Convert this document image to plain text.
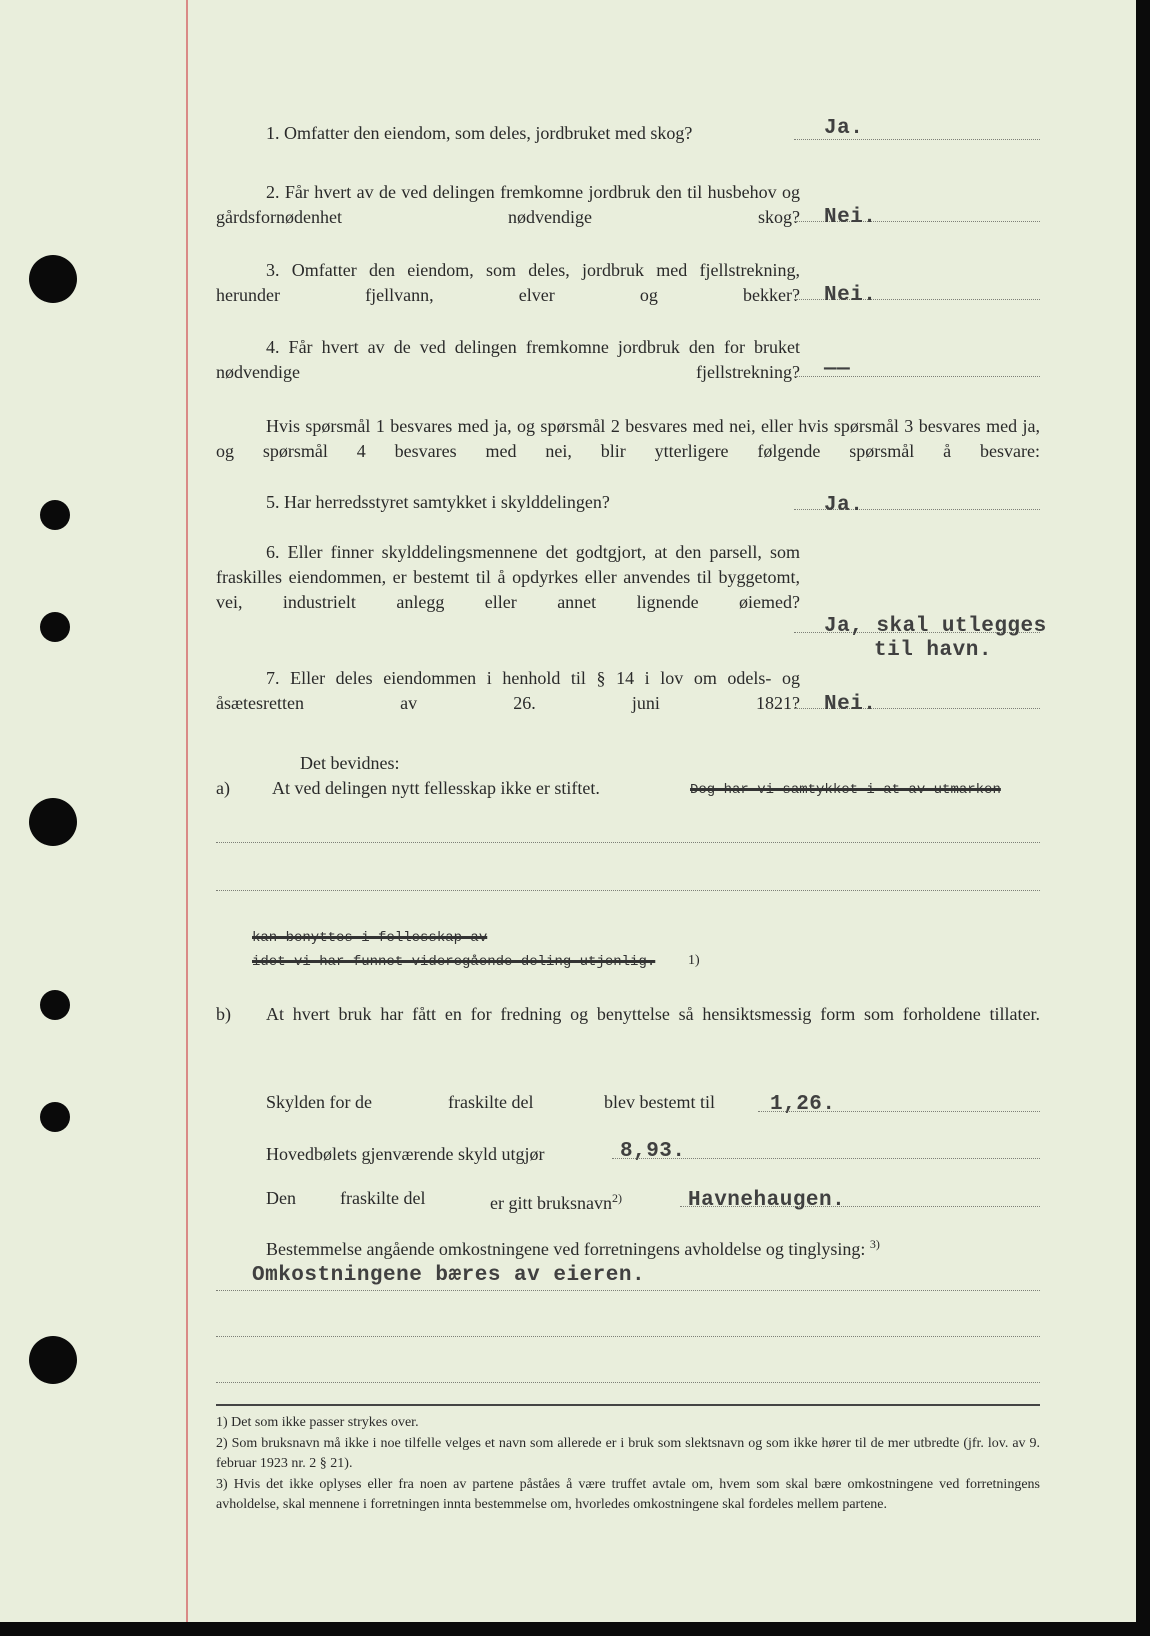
1. Omfatter den eiendom, som deles, jordbruket med skog?	Ja.
2. Får hvert av de ved delingen fremkomne jordbruk den til husbehov og gårdsfornødenhet nødvendige skog? Nei.
3. Omfatter den eiendom, som deles, jordbruk med fjellstrekning, herunder fjellvann, elver og bekker? Nei.
4. Får hvert av de ved delingen fremkomne jordbruk den for bruket nødvendige fjellstrekning? ——
Hvis spørsmål 1 besvares med ja, og spørsmål 2 besvares med nei, eller hvis spørsmål 3 besvares med ja, og spørsmål 4 besvares med nei, blir ytterligere følgende spørsmål å besvare:
5. Har herredsstyret samtykket i skylddelingen?	Ja.
6. Eller finner skylddelingsmennene det godtgjort, at den parsell, som fraskilles eiendommen, er bestemt til å opdyrkes eller anvendes til byggetomt, vei, industrielt anlegg eller annet lignende øiemed?
Ja, skal utlegges
til havn.
7. Eller deles eiendommen i henhold til § 14 i lov om odels- og åsætesretten av 26. juni 1821? Nei.
Det bevidnes:
a) At ved delingen nytt fellesskap ikke er stiftet.	Dog har vi samtykket i at av utmarken
kan benyttes i fellesskap av
idet vi har funnet videregående deling utjenlig. 1)
b) At hvert bruk har fått en for fredning og benyttelse så hensiktsmessig form som forholdene tillater.
Skylden for de	fraskilte del	blev bestemt til	1,26.
Hovedbølets gjenværende skyld utgjør	8,93.
Den fraskilte del	er gitt bruksnavn$^{2)}$	Havnehaugen.
Bestemmelse angående omkostningene ved forretningens avholdelse og tinglysing: $^{3)}$
Omkostningene bæres av eieren.

1) Det som ikke passer strykes over.

2) Som bruksnavn må ikke i noe tilfelle velges et navn som allerede er i bruk som slektsnavn og som ikke hører til de mer utbredte (jfr. lov. av 9. februar 1923 nr. 2 § 21).

3) Hvis det ikke oplyses eller fra noen av partene påståes å være truffet avtale om, hvem som skal bære omkostningene ved forretningens avholdelse, skal mennene i forretningen innta bestemmelse om, hvorledes omkostningene skal fordeles mellem partene.
